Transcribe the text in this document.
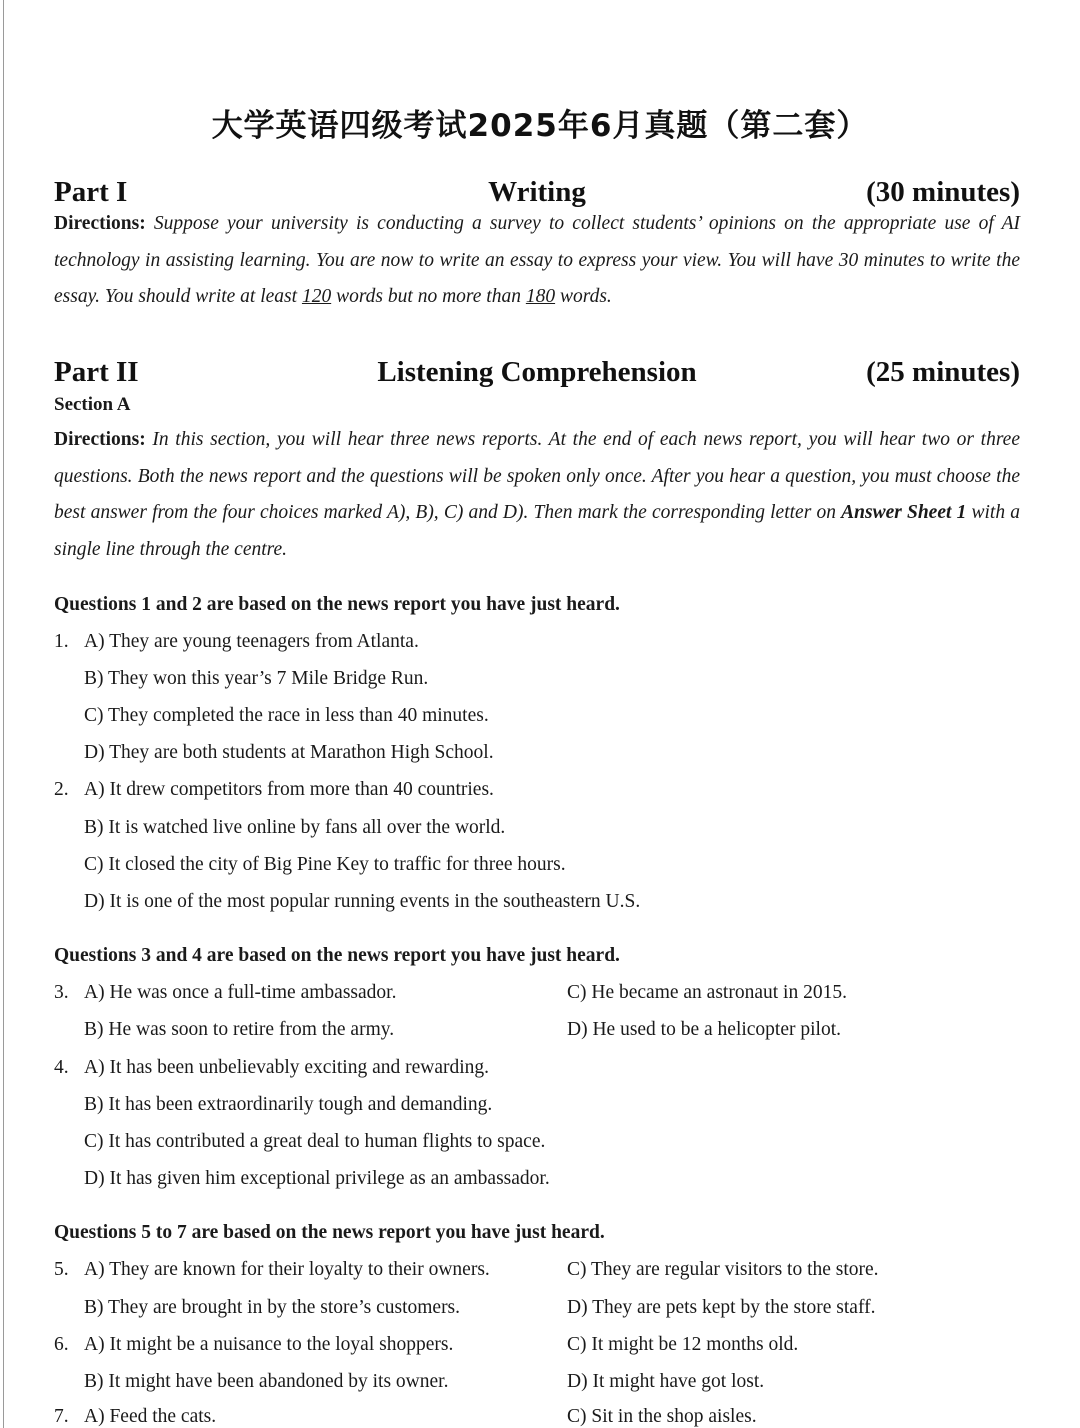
大学英语四级考试2025年6月真题（第二套）
Writing
Part I	(30 minutes)
Directions: Suppose your university is conducting a survey to collect students’ opinions on the appropriate use of AI technology in assisting learning. You are now to write an essay to express your view. You will have 30 minutes to write the essay. You should write at least 120 words but no more than 180 words.
Listening Comprehension
Part II	(25 minutes)
Section A
Directions: In this section, you will hear three news reports. At the end of each news report, you will hear two or three questions. Both the news report and the questions will be spoken only once. After you hear a question, you must choose the best answer from the four choices marked A), B), C) and D). Then mark the corresponding letter on Answer Sheet 1 with a single line through the centre.
Questions 1 and 2 are based on the news report you have just heard.
1. A) They are young teenagers from Atlanta.
B) They won this year’s 7 Mile Bridge Run.
C) They completed the race in less than 40 minutes.
D) They are both students at Marathon High School.
2. A) It drew competitors from more than 40 countries.
B) It is watched live online by fans all over the world.
C) It closed the city of Big Pine Key to traffic for three hours.
D) It is one of the most popular running events in the southeastern U.S.
Questions 3 and 4 are based on the news report you have just heard.
3. A) He was once a full-time ambassador.	C) He became an astronaut in 2015.
B) He was soon to retire from the army.	D) He used to be a helicopter pilot.
4. A) It has been unbelievably exciting and rewarding.
B) It has been extraordinarily tough and demanding.
C) It has contributed a great deal to human flights to space.
D) It has given him exceptional privilege as an ambassador.
Questions 5 to 7 are based on the news report you have just heard.
5. A) They are known for their loyalty to their owners.	C) They are regular visitors to the store.
B) They are brought in by the store’s customers.	D) They are pets kept by the store staff.
6. A) It might be a nuisance to the loyal shoppers.	C) It might be 12 months old.
B) It might have been abandoned by its owner.	D) It might have got lost.
7. A) Feed the cats.	C) Sit in the shop aisles.
